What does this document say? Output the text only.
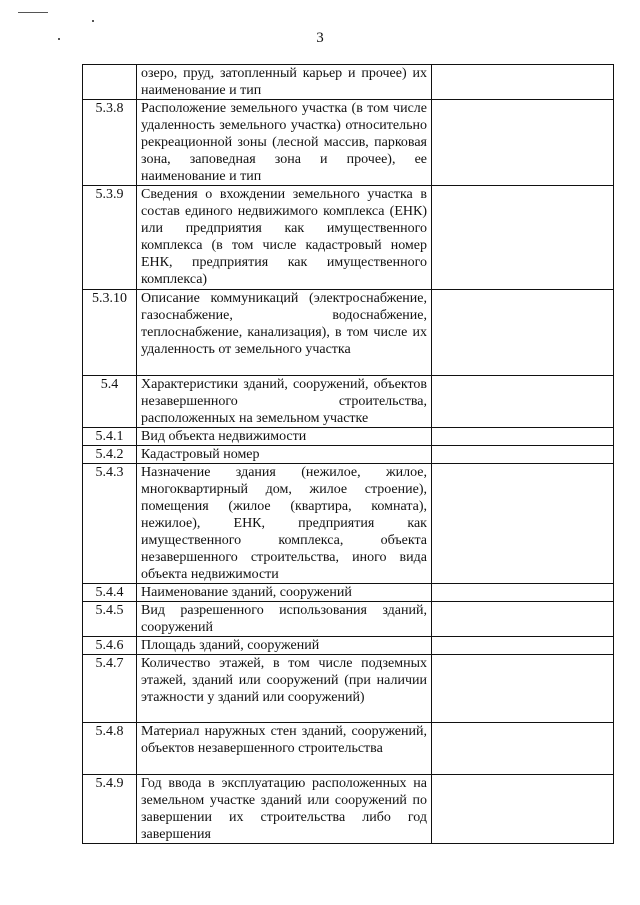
3
	озеро, пруд, затопленный карьер и прочее) их наименование и тип	
5.3.8	Расположение земельного участка (в том числе удаленность земельного участка) относительно рекреационной зоны (лесной массив, парковая зона, заповедная зона и прочее), ее наименование и тип	
5.3.9	Сведения о вхождении земельного участка в состав единого недвижимого комплекса (ЕНК) или предприятия как имущественного комплекса (в том числе кадастровый номер ЕНК, предприятия как имущественного комплекса)	
5.3.10	Описание коммуникаций (электроснабжение, газоснабжение, водоснабжение, теплоснабжение, канализация), в том числе их удаленность от земельного участка	
5.4	Характеристики зданий, сооружений, объектов незавершенного строительства, расположенных на земельном участке	
5.4.1	Вид объекта недвижимости	
5.4.2	Кадастровый номер	
5.4.3	Назначение здания (нежилое, жилое, многоквартирный дом, жилое строение), помещения (жилое (квартира, комната), нежилое), ЕНК, предприятия как имущественного комплекса, объекта незавершенного строительства, иного вида объекта недвижимости	
5.4.4	Наименование зданий, сооружений	
5.4.5	Вид разрешенного использования зданий, сооружений	
5.4.6	Площадь зданий, сооружений	
5.4.7	Количество этажей, в том числе подземных этажей, зданий или сооружений (при наличии этажности у зданий или сооружений)	
5.4.8	Материал наружных стен зданий, сооружений, объектов незавершенного строительства	
5.4.9	Год ввода в эксплуатацию расположенных на земельном участке зданий или сооружений по завершении их строительства либо год завершения	
